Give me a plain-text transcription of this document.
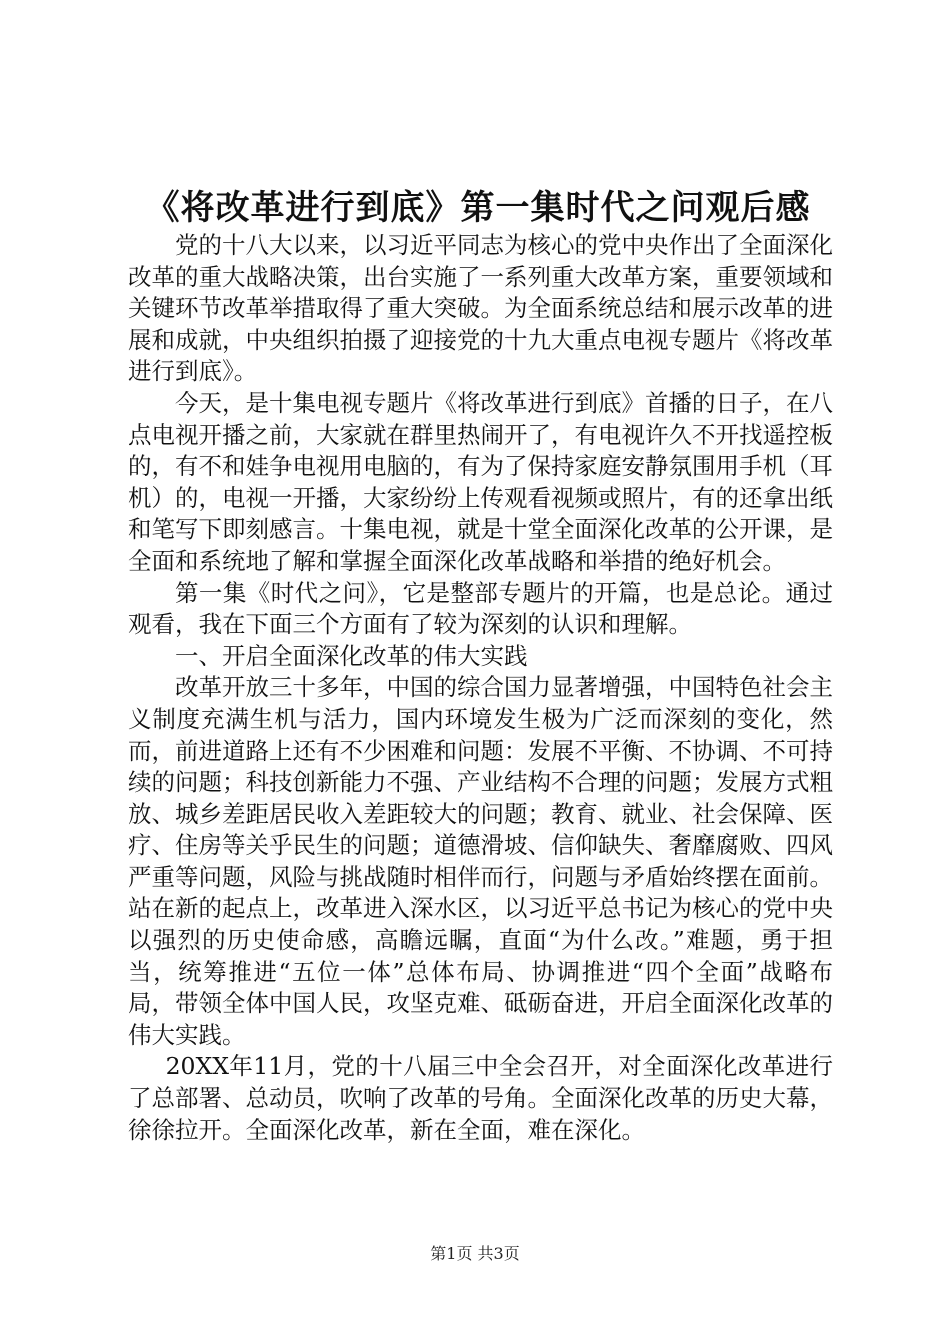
《将改革进行到底》第一集时代之问观后感

党的十八大以来，以习近平同志为核心的党中央作出了全面深化改革的重大战略决策，出台实施了一系列重大改革方案，重要领域和关键环节改革举措取得了重大突破。为全面系统总结和展示改革的进展和成就，中央组织拍摄了迎接党的十九大重点电视专题片《将改革进行到底》。

今天，是十集电视专题片《将改革进行到底》首播的日子，在八点电视开播之前，大家就在群里热闹开了，有电视许久不开找遥控板的，有不和娃争电视用电脑的，有为了保持家庭安静氛围用手机（耳机）的，电视一开播，大家纷纷上传观看视频或照片，有的还拿出纸和笔写下即刻感言。十集电视，就是十堂全面深化改革的公开课，是全面和系统地了解和掌握全面深化改革战略和举措的绝好机会。

第一集《时代之问》，它是整部专题片的开篇，也是总论。通过观看，我在下面三个方面有了较为深刻的认识和理解。

一、开启全面深化改革的伟大实践

改革开放三十多年，中国的综合国力显著增强，中国特色社会主义制度充满生机与活力，国内环境发生极为广泛而深刻的变化，然而，前进道路上还有不少困难和问题：发展不平衡、不协调、不可持续的问题；科技创新能力不强、产业结构不合理的问题；发展方式粗放、城乡差距居民收入差距较大的问题；教育、就业、社会保障、医疗、住房等关乎民生的问题；道德滑坡、信仰缺失、奢靡腐败、四风严重等问题，风险与挑战随时相伴而行，问题与矛盾始终摆在面前。站在新的起点上，改革进入深水区，以习近平总书记为核心的党中央以强烈的历史使命感，高瞻远瞩，直面“为什么改。”难题，勇于担当，统筹推进“五位一体”总体布局、协调推进“四个全面”战略布局，带领全体中国人民，攻坚克难、砥砺奋进，开启全面深化改革的伟大实践。

20XX年11月，党的十八届三中全会召开，对全面深化改革进行了总部署、总动员，吹响了改革的号角。全面深化改革的历史大幕，徐徐拉开。全面深化改革，新在全面，难在深化。

第1页 共3页
